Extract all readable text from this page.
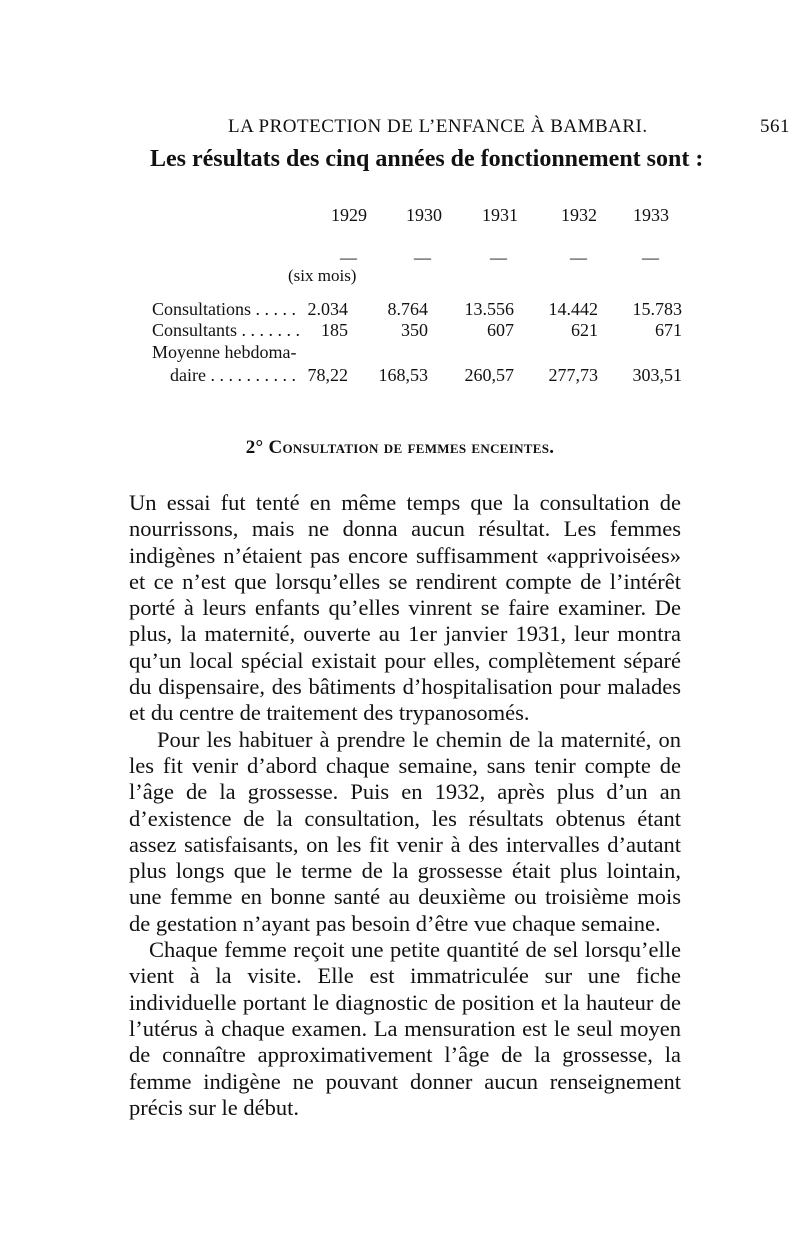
LA PROTECTION DE L’ENFANCE À BAMBARI.	561
Les résultats des cinq années de fonctionnement sont :
1929 1930 1931 1932 1933
—	—	—	—	—
(six mois)
Consultations . . . . . 2.034	8.764	13.556	14.442	15.783
Consultants . . . . . . .	185	350	607	621	671
Moyenne hebdoma-
daire . . . . . . . . . . 78,22	168,53	260,57	277,73	303,51
2° Consultation de femmes enceintes.

Un essai fut tenté en même temps que la consultation de nourrissons, mais ne donna aucun résultat. Les femmes indigènes n’étaient pas encore suffisamment «apprivoisées» et ce n’est que lorsqu’elles se rendirent compte de l’intérêt porté à leurs enfants qu’elles vinrent se faire examiner. De plus, la maternité, ouverte au 1er janvier 1931, leur montra qu’un local spécial existait pour elles, complètement séparé du dispensaire, des bâtiments d’hospitalisation pour malades et du centre de traitement des trypanosomés.

Pour les habituer à prendre le chemin de la maternité, on les fit venir d’abord chaque semaine, sans tenir compte de l’âge de la grossesse. Puis en 1932, après plus d’un an d’existence de la consultation, les résultats obtenus étant assez satisfaisants, on les fit venir à des intervalles d’autant plus longs que le terme de la grossesse était plus lointain, une femme en bonne santé au deuxième ou troisième mois de gestation n’ayant pas besoin d’être vue chaque semaine.

Chaque femme reçoit une petite quantité de sel lorsqu’elle vient à la visite. Elle est immatriculée sur une fiche individuelle portant le diagnostic de position et la hauteur de l’utérus à chaque examen. La mensuration est le seul moyen de connaître approximativement l’âge de la grossesse, la femme indigène ne pouvant donner aucun renseignement précis sur le début.
